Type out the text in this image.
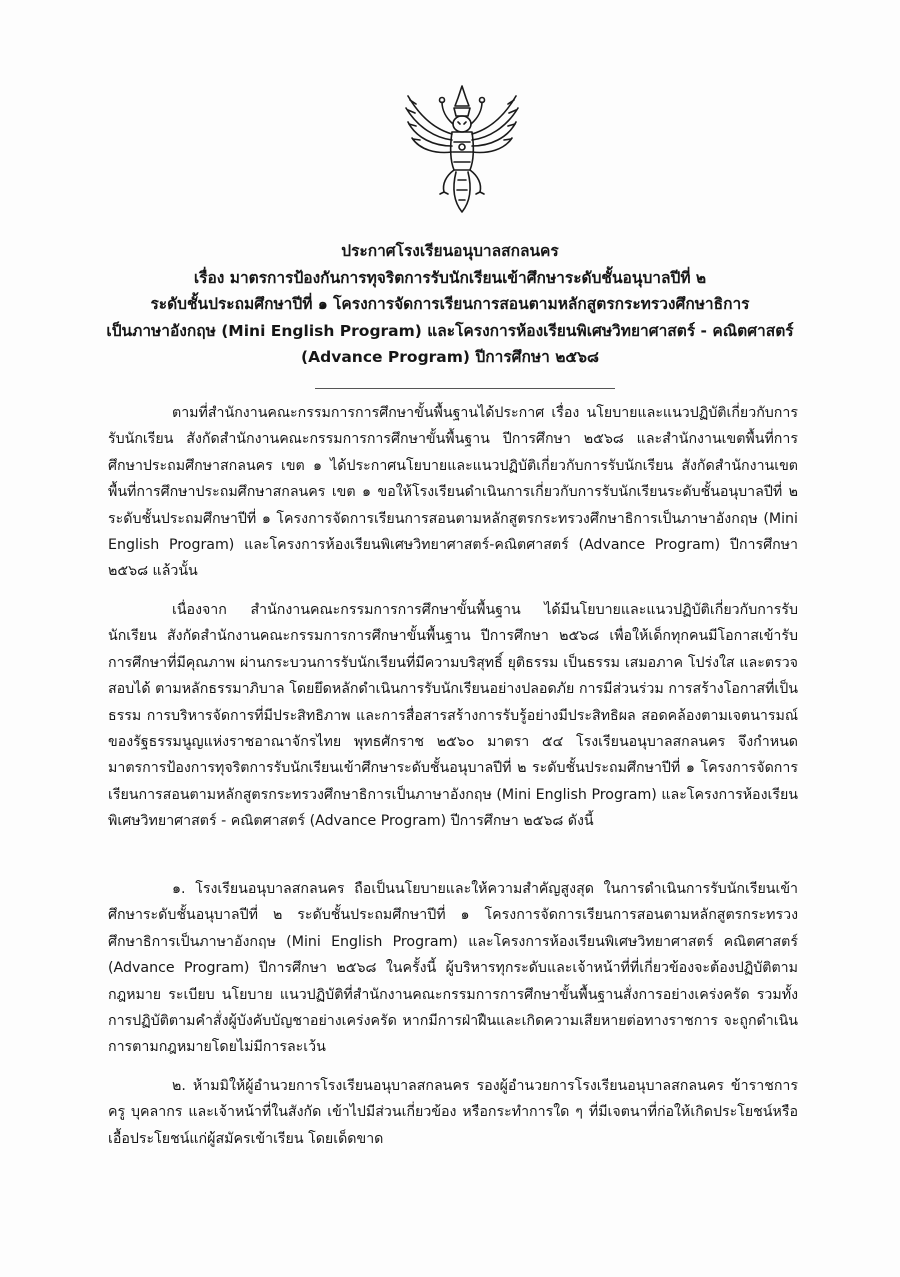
ประกาศโรงเรียนอนุบาลสกลนคร
เรื่อง มาตรการป้องกันการทุจริตการรับนักเรียนเข้าศึกษาระดับชั้นอนุบาลปีที่ ๒
ระดับชั้นประถมศึกษาปีที่ ๑ โครงการจัดการเรียนการสอนตามหลักสูตรกระทรวงศึกษาธิการ
เป็นภาษาอังกฤษ (Mini English Program) และโครงการห้องเรียนพิเศษวิทยาศาสตร์ - คณิตศาสตร์
(Advance Program) ปีการศึกษา ๒๕๖๘

ตามที่สำนักงานคณะกรรมการการศึกษาขั้นพื้นฐานได้ประกาศ เรื่อง นโยบายและแนวปฏิบัติเกี่ยวกับการรับนักเรียน สังกัดสำนักงานคณะกรรมการการศึกษาขั้นพื้นฐาน ปีการศึกษา ๒๕๖๘ และสำนักงานเขตพื้นที่การศึกษาประถมศึกษาสกลนคร เขต ๑ ได้ประกาศนโยบายและแนวปฏิบัติเกี่ยวกับการรับนักเรียน สังกัดสำนักงานเขตพื้นที่การศึกษาประถมศึกษาสกลนคร เขต ๑ ขอให้โรงเรียนดำเนินการเกี่ยวกับการรับนักเรียนระดับชั้นอนุบาลปีที่ ๒ ระดับชั้นประถมศึกษาปีที่ ๑ โครงการจัดการเรียนการสอนตามหลักสูตรกระทรวงศึกษาธิการเป็นภาษาอังกฤษ (Mini English Program) และโครงการห้องเรียนพิเศษวิทยาศาสตร์-คณิตศาสตร์ (Advance Program) ปีการศึกษา ๒๕๖๘ แล้วนั้น

เนื่องจาก สำนักงานคณะกรรมการการศึกษาขั้นพื้นฐาน ได้มีนโยบายและแนวปฏิบัติเกี่ยวกับการรับนักเรียน สังกัดสำนักงานคณะกรรมการการศึกษาขั้นพื้นฐาน ปีการศึกษา ๒๕๖๘ เพื่อให้เด็กทุกคนมีโอกาสเข้ารับการศึกษาที่มีคุณภาพ ผ่านกระบวนการรับนักเรียนที่มีความบริสุทธิ์ ยุติธรรม เป็นธรรม เสมอภาค โปร่งใส และตรวจสอบได้ ตามหลักธรรมาภิบาล โดยยึดหลักดำเนินการรับนักเรียนอย่างปลอดภัย การมีส่วนร่วม การสร้างโอกาสที่เป็นธรรม การบริหารจัดการที่มีประสิทธิภาพ และการสื่อสารสร้างการรับรู้อย่างมีประสิทธิผล สอดคล้องตามเจตนารมณ์ของรัฐธรรมนูญแห่งราชอาณาจักรไทย พุทธศักราช ๒๕๖๐ มาตรา ๕๔ โรงเรียนอนุบาลสกลนคร จึงกำหนดมาตรการป้องการทุจริตการรับนักเรียนเข้าศึกษาระดับชั้นอนุบาลปีที่ ๒ ระดับชั้นประถมศึกษาปีที่ ๑ โครงการจัดการเรียนการสอนตามหลักสูตรกระทรวงศึกษาธิการเป็นภาษาอังกฤษ (Mini English Program) และโครงการห้องเรียนพิเศษวิทยาศาสตร์ - คณิตศาสตร์ (Advance Program) ปีการศึกษา ๒๕๖๘ ดังนี้

๑. โรงเรียนอนุบาลสกลนคร ถือเป็นนโยบายและให้ความสำคัญสูงสุด ในการดำเนินการรับนักเรียนเข้าศึกษาระดับชั้นอนุบาลปีที่ ๒ ระดับชั้นประถมศึกษาปีที่ ๑ โครงการจัดการเรียนการสอนตามหลักสูตรกระทรวงศึกษาธิการเป็นภาษาอังกฤษ (Mini English Program) และโครงการห้องเรียนพิเศษวิทยาศาสตร์ คณิตศาสตร์ (Advance Program) ปีการศึกษา ๒๕๖๘ ในครั้งนี้ ผู้บริหารทุกระดับและเจ้าหน้าที่ที่เกี่ยวข้องจะต้องปฏิบัติตามกฎหมาย ระเบียบ นโยบาย แนวปฏิบัติที่สำนักงานคณะกรรมการการศึกษาขั้นพื้นฐานสั่งการอย่างเคร่งครัด รวมทั้งการปฏิบัติตามคำสั่งผู้บังคับบัญชาอย่างเคร่งครัด หากมีการฝ่าฝืนและเกิดความเสียหายต่อทางราชการ จะถูกดำเนินการตามกฎหมายโดยไม่มีการละเว้น

๒. ห้ามมิให้ผู้อำนวยการโรงเรียนอนุบาลสกลนคร รองผู้อำนวยการโรงเรียนอนุบาลสกลนคร ข้าราชการครู บุคลากร และเจ้าหน้าที่ในสังกัด เข้าไปมีส่วนเกี่ยวข้อง หรือกระทำการใด ๆ ที่มีเจตนาที่ก่อให้เกิดประโยชน์หรือเอื้อประโยชน์แก่ผู้สมัครเข้าเรียน โดยเด็ดขาด
